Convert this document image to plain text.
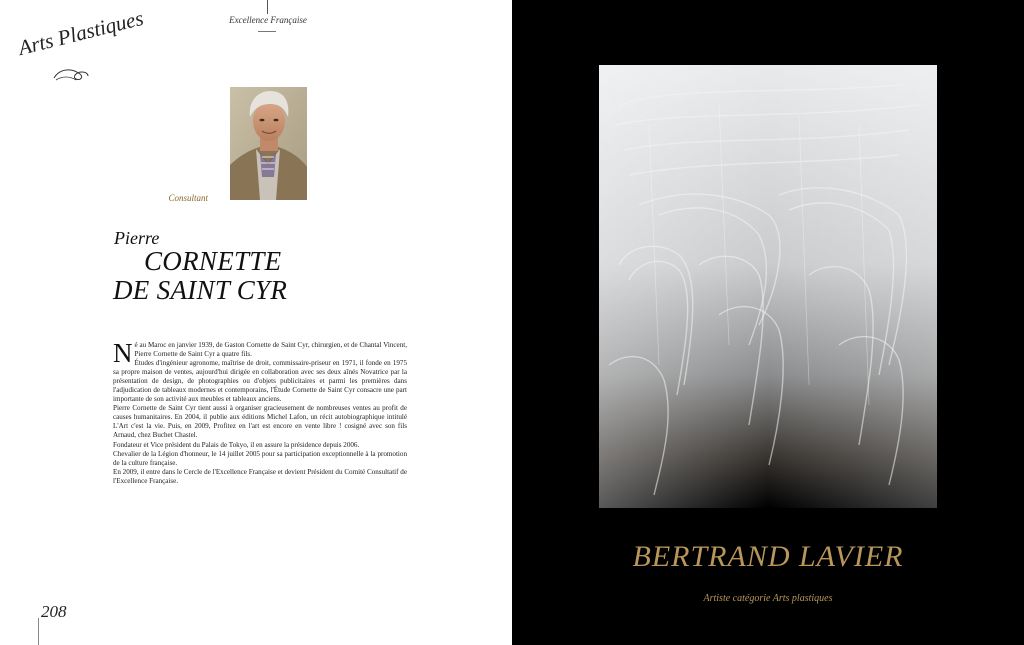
Excellence Française
Arts Plastiques
Consultant
Pierre
CORNETTE
DE SAINT CYR

Né au Maroc en janvier 1939, de Gaston Cornette de Saint Cyr, chirurgien, et de Chantal Vincent, Pierre Cornette de Saint Cyr a quatre fils.

Études d'ingénieur agronome, maîtrise de droit, commissaire-priseur en 1971, il fonde en 1975 sa propre maison de ventes, aujourd'hui dirigée en collaboration avec ses deux aînés Novatrice par la présentation de design, de photographies ou d'objets publicitaires et parmi les premières dans l'adjudication de tableaux modernes et contemporains, l'Étude Cornette de Saint Cyr consacre une part importante de son activité aux meubles et tableaux anciens.

Pierre Cornette de Saint Cyr tient aussi à organiser gracieusement de nombreuses ventes au profit de causes humanitaires. En 2004, il publie aux éditions Michel Lafon, un récit autobiographique intitulé L'Art c'est la vie. Puis, en 2009, Profitez en l'art est encore en vente libre ! cosigné avec son fils Arnaud, chez Buchet Chastel.

Fondateur et Vice président du Palais de Tokyo, il en assure la présidence depuis 2006.

Chevalier de la Légion d'honneur, le 14 juillet 2005 pour sa participation exceptionnelle à la promotion de la culture française.

En 2009, il entre dans le Cercle de l'Excellence Française et devient Président du Comité Consultatif de l'Excellence Française.

208
BERTRAND LAVIER
Artiste catégorie Arts plastiques
